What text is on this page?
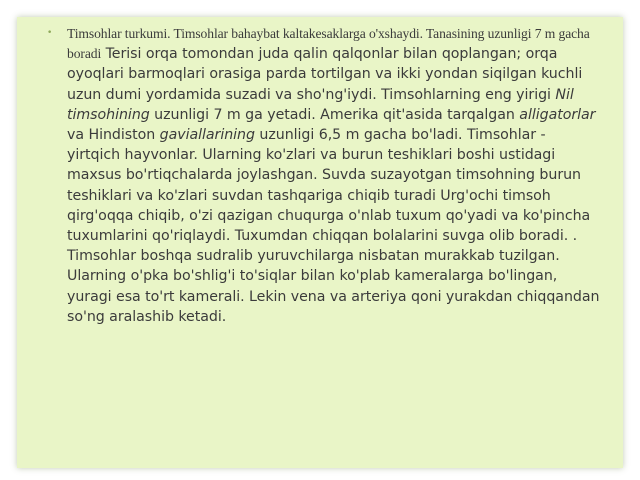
•	Timsohlar turkumi. Timsohlar bahaybat kaltakesaklarga o'xshaydi. Tanasining uzunligi 7 m gacha boradi Terisi orqa tomondan juda qalin qalqonlar bilan qoplangan; orqa oyoqlari barmoqlari orasiga parda tortilgan va ikki yondan siqilgan kuchli uzun dumi yordamida suzadi va sho'ng'iydi. Timsohlarning eng yirigi Nil timsohining uzunligi 7 m ga yetadi. Amerika qit'asida tarqalgan alligatorlar va Hindiston gaviallarining uzunligi 6,5 m gacha bo'ladi. Timsohlar - yirtqich hayvonlar. Ularning ko'zlari va burun teshiklari boshi ustidagi maxsus bo'rtiqchalarda joylashgan. Suvda suzayotgan timsohning burun teshiklari va ko'zlari suvdan tashqariga chiqib turadi Urg'ochi timsoh qirg'oqqa chiqib, o'zi qazigan chuqurga o'nlab tuxum qo'yadi va ko'pincha tuxumlarini qo'riqlaydi. Tuxumdan chiqqan bolalarini suvga olib boradi. . Timsohlar boshqa sudralib yuruvchilarga nisbatan murakkab tuzilgan. Ularning o'pka bo'shlig'i to'siqlar bilan ko'plab kameralarga bo'lingan, yuragi esa to'rt kamerali. Lekin vena va arteriya qoni yurakdan chiqqandan so'ng aralashib ketadi.
